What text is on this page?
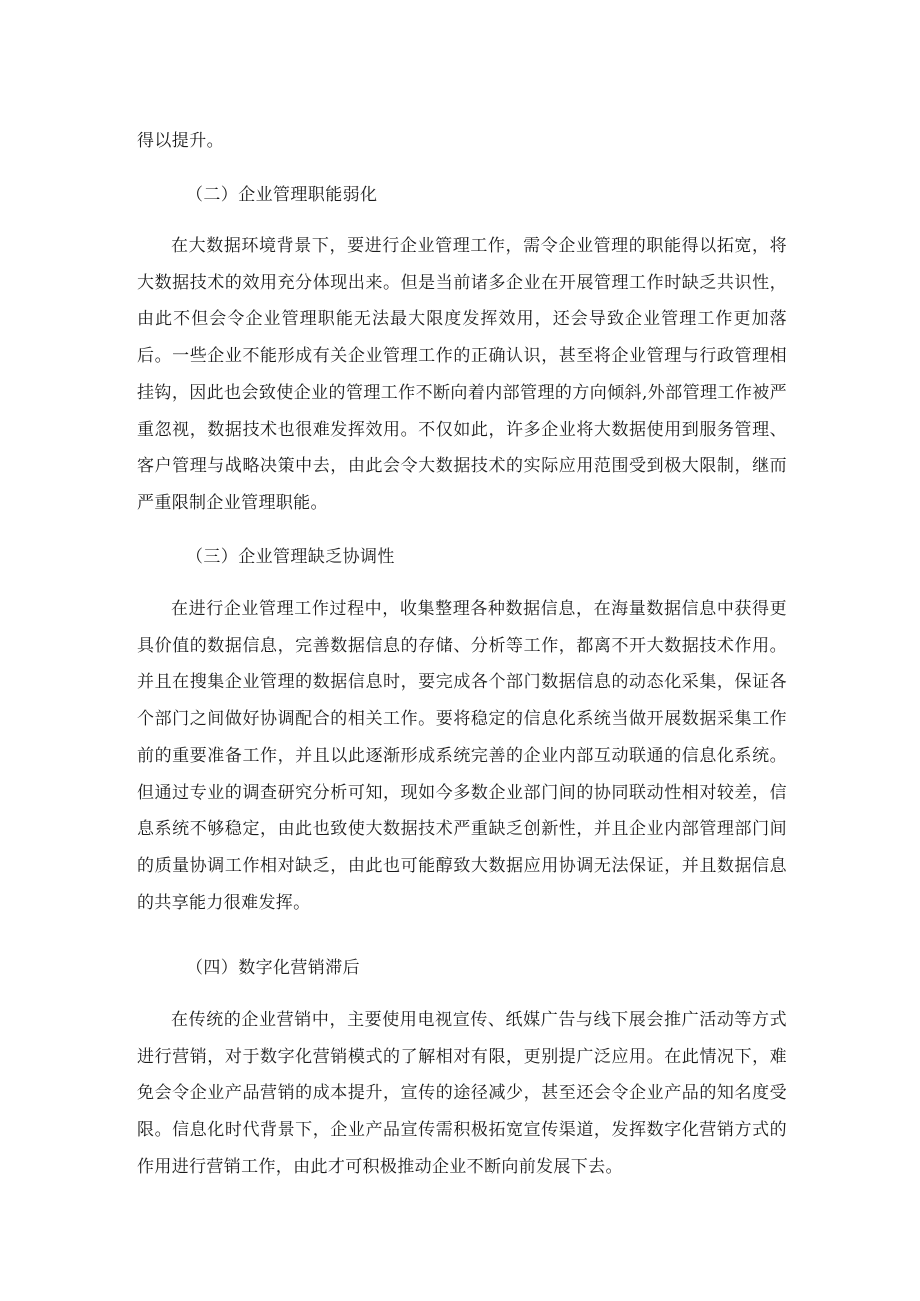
得以提升。
（二）企业管理职能弱化

在大数据环境背景下，要进行企业管理工作，需令企业管理的职能得以拓宽，将大数据技术的效用充分体现出来。但是当前诸多企业在开展管理工作时缺乏共识性，由此不但会令企业管理职能无法最大限度发挥效用，还会导致企业管理工作更加落后。一些企业不能形成有关企业管理工作的正确认识，甚至将企业管理与行政管理相挂钩，因此也会致使企业的管理工作不断向着内部管理的方向倾斜,外部管理工作被严重忽视，数据技术也很难发挥效用。不仅如此，许多企业将大数据使用到服务管理、客户管理与战略决策中去，由此会令大数据技术的实际应用范围受到极大限制，继而严重限制企业管理职能。

（三）企业管理缺乏协调性

在进行企业管理工作过程中，收集整理各种数据信息，在海量数据信息中获得更具价值的数据信息，完善数据信息的存储、分析等工作，都离不开大数据技术作用。并且在搜集企业管理的数据信息时，要完成各个部门数据信息的动态化采集，保证各个部门之间做好协调配合的相关工作。要将稳定的信息化系统当做开展数据采集工作前的重要准备工作，并且以此逐渐形成系统完善的企业内部互动联通的信息化系统。但通过专业的调查研究分析可知，现如今多数企业部门间的协同联动性相对较差，信息系统不够稳定，由此也致使大数据技术严重缺乏创新性，并且企业内部管理部门间的质量协调工作相对缺乏，由此也可能醇致大数据应用协调无法保证，并且数据信息的共享能力很难发挥。

（四）数字化营销滞后

在传统的企业营销中，主要使用电视宣传、纸媒广告与线下展会推广活动等方式进行营销，对于数字化营销模式的了解相对有限，更别提广泛应用。在此情况下，难免会令企业产品营销的成本提升，宣传的途径减少，甚至还会令企业产品的知名度受限。信息化时代背景下，企业产品宣传需积极拓宽宣传渠道，发挥数字化营销方式的作用进行营销工作，由此才可积极推动企业不断向前发展下去。
